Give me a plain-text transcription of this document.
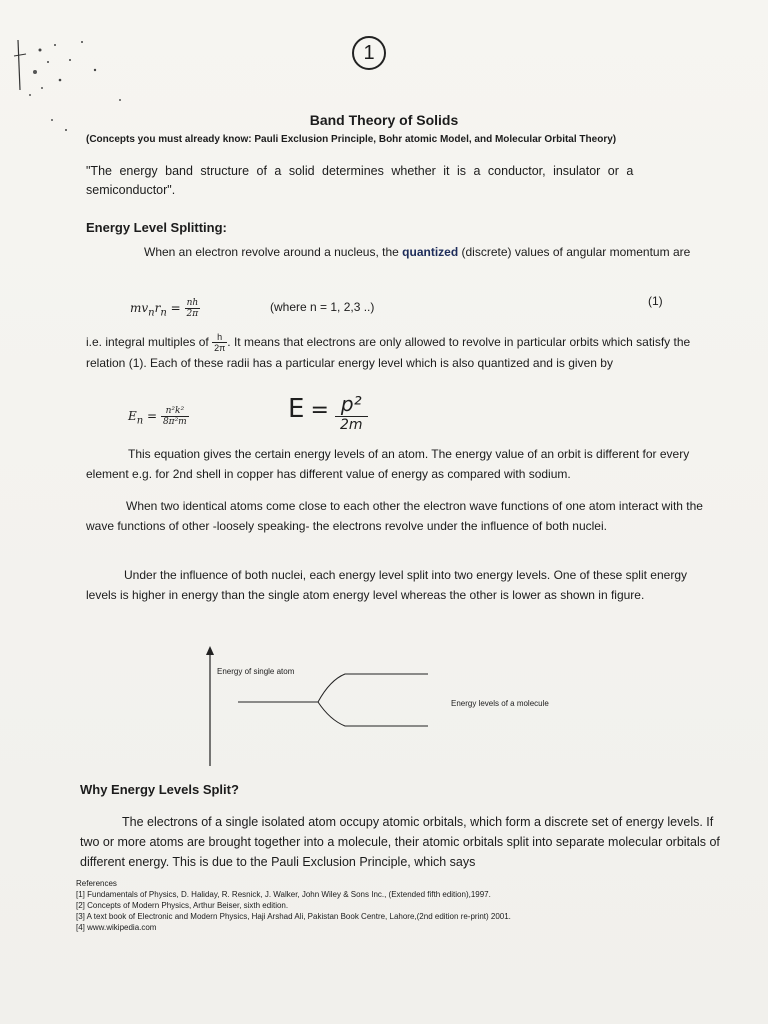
1
Band Theory of Solids
(Concepts you must already know: Pauli Exclusion Principle, Bohr atomic Model, and Molecular Orbital Theory)
"The energy band structure of a solid determines whether it is a conductor, insulator or a semiconductor".
Energy Level Splitting:
When an electron revolve around a nucleus, the quantized (discrete) values of angular momentum are
$mv_nr_n = \frac{nh}{2\pi}$	(where n = 1, 2,3 ..)	(1)
i.e. integral multiples of $\frac{h}{2\pi}$ . It means that electrons are only allowed to revolve in particular orbits which satisfy the relation (1). Each of these radii has a particular energy level which is also quantized and is given by
$E_n = \frac{\text{n²k²}}{\text{8π²m}}$	E = p²
2m
This equation gives the certain energy levels of an atom. The energy value of an orbit is different for every element e.g. for 2nd shell in copper has different value of energy as compared with sodium.
When two identical atoms come close to each other the electron wave functions of one atom interact with the wave functions of other -loosely speaking- the electrons revolve under the influence of both nuclei.
Under the influence of both nuclei, each energy level split into two energy levels. One of these split energy levels is higher in energy than the single atom energy level whereas the other is lower as shown in figure.
Energy of single atom
Energy levels of a molecule
Why Energy Levels Split?
The electrons of a single isolated atom occupy atomic orbitals, which form a discrete set of energy levels. If two or more atoms are brought together into a molecule, their atomic orbitals split into separate molecular orbitals of different energy. This is due to the Pauli Exclusion Principle, which says
References
[1] Fundamentals of Physics, D. Haliday, R. Resnick, J. Walker, John Wiley & Sons Inc., (Extended fifth edition),1997.
[2] Concepts of Modern Physics, Arthur Beiser, sixth edition.
[3] A text book of Electronic and Modern Physics, Haji Arshad Ali, Pakistan Book Centre, Lahore,(2nd edition re-print) 2001.
[4] www.wikipedia.com
